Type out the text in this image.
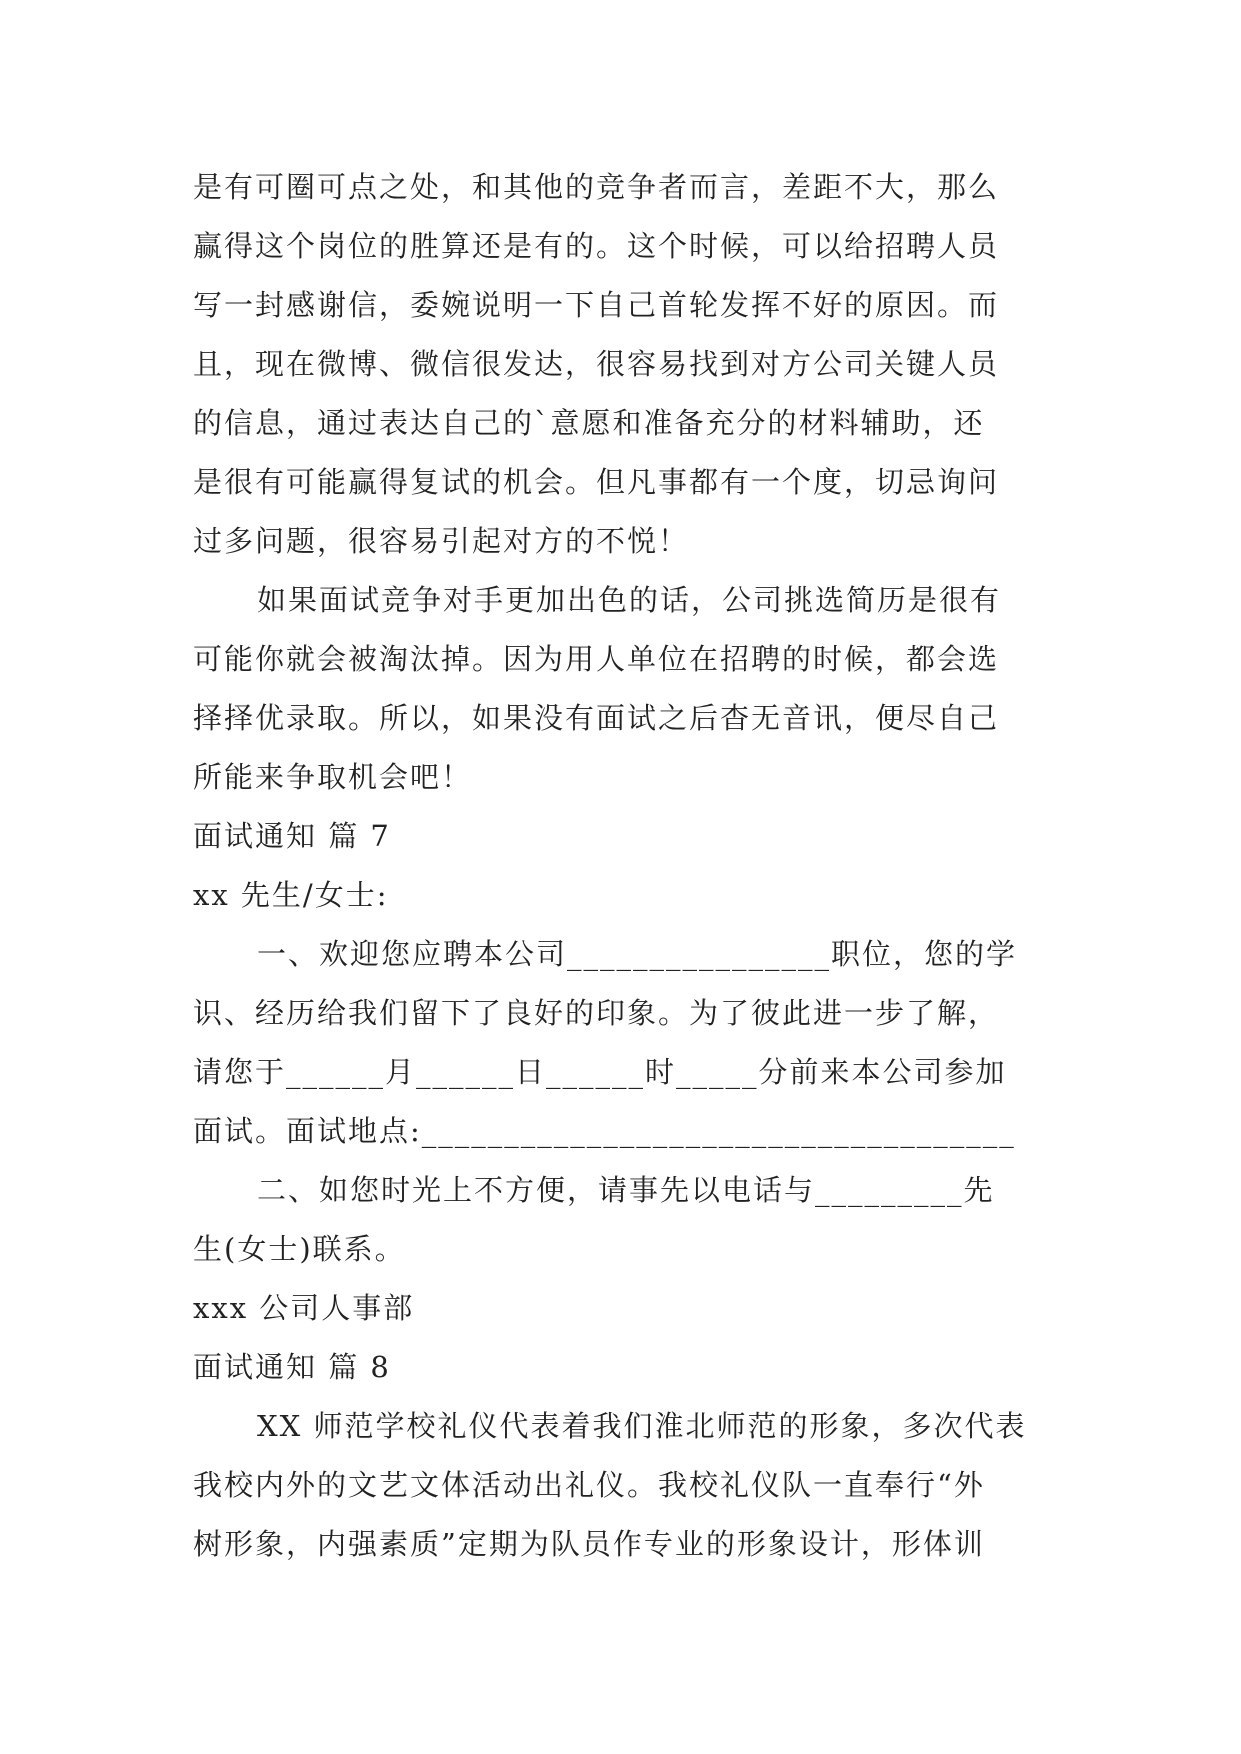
是有可圈可点之处，和其他的竞争者而言，差距不大，那么
赢得这个岗位的胜算还是有的。这个时候，可以给招聘人员
写一封感谢信，委婉说明一下自己首轮发挥不好的原因。而
且，现在微博、微信很发达，很容易找到对方公司关键人员
的信息，通过表达自己的`意愿和准备充分的材料辅助，还
是很有可能赢得复试的机会。但凡事都有一个度，切忌询问
过多问题，很容易引起对方的不悦！
如果面试竞争对手更加出色的话，公司挑选简历是很有
可能你就会被淘汰掉。因为用人单位在招聘的时候，都会选
择择优录取。所以，如果没有面试之后杳无音讯，便尽自己
所能来争取机会吧！
面试通知 篇 7
xx 先生/女士:
一、欢迎您应聘本公司________________职位，您的学
识、经历给我们留下了良好的印象。为了彼此进一步了解，
请您于______月______日______时_____分前来本公司参加
面试。面试地点:____________________________________
二、如您时光上不方便，请事先以电话与_________先
生(女士)联系。
xxx 公司人事部
面试通知 篇 8
XX 师范学校礼仪代表着我们淮北师范的形象，多次代表
我校内外的文艺文体活动出礼仪。我校礼仪队一直奉行“外
树形象，内强素质”定期为队员作专业的形象设计，形体训
